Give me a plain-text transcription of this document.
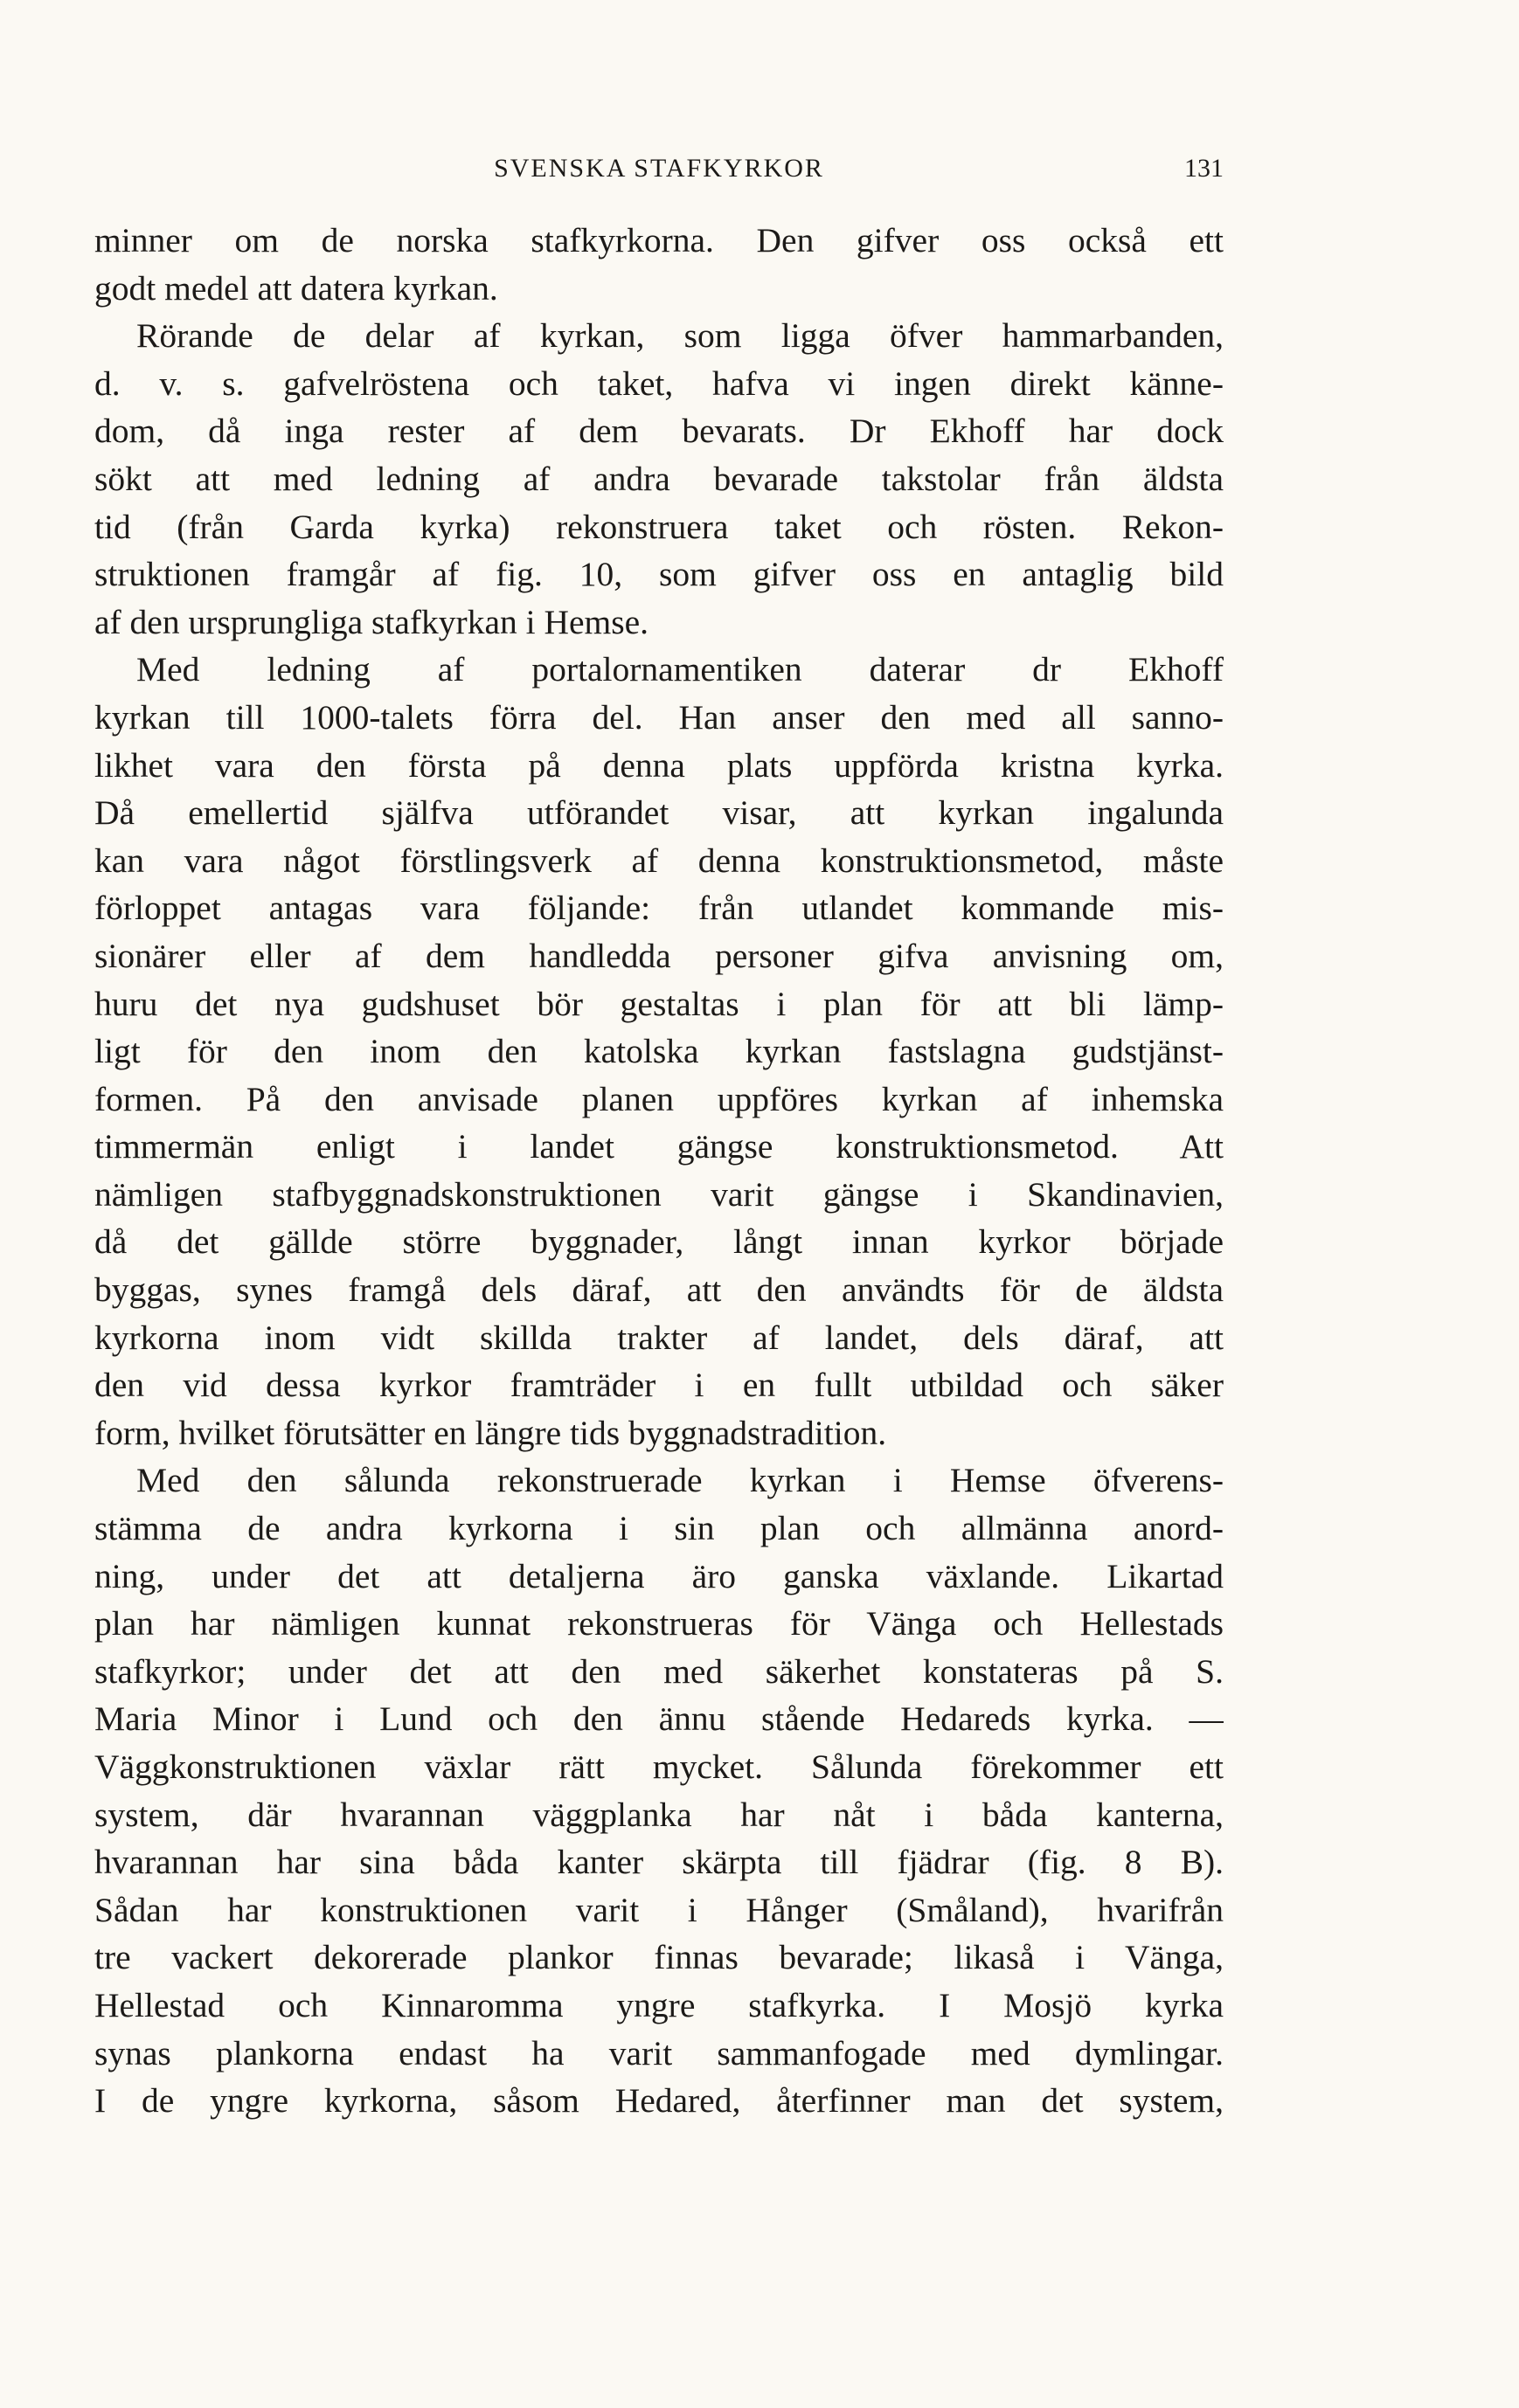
SVENSKA STAFKYRKOR	131
minner om de norska stafkyrkorna. Den gifver oss också ett
godt medel att datera kyrkan.
Rörande de delar af kyrkan, som ligga öfver hammarbanden,
d. v. s. gafvelröstena och taket, hafva vi ingen direkt känne-
dom, då inga rester af dem bevarats. Dr Ekhoff har dock
sökt att med ledning af andra bevarade takstolar från äldsta
tid (från Garda kyrka) rekonstruera taket och rösten. Rekon-
struktionen framgår af fig. 10, som gifver oss en antaglig bild
af den ursprungliga stafkyrkan i Hemse.
Med ledning af portalornamentiken daterar dr Ekhoff
kyrkan till 1000-talets förra del. Han anser den med all sanno-
likhet vara den första på denna plats uppförda kristna kyrka.
Då emellertid själfva utförandet visar, att kyrkan ingalunda
kan vara något förstlingsverk af denna konstruktionsmetod, måste
förloppet antagas vara följande: från utlandet kommande mis-
sionärer eller af dem handledda personer gifva anvisning om,
huru det nya gudshuset bör gestaltas i plan för att bli lämp-
ligt för den inom den katolska kyrkan fastslagna gudstjänst-
formen. På den anvisade planen uppföres kyrkan af inhemska
timmermän enligt i landet gängse konstruktionsmetod. Att
nämligen stafbyggnadskonstruktionen varit gängse i Skandinavien,
då det gällde större byggnader, långt innan kyrkor började
byggas, synes framgå dels däraf, att den användts för de äldsta
kyrkorna inom vidt skillda trakter af landet, dels däraf, att
den vid dessa kyrkor framträder i en fullt utbildad och säker
form, hvilket förutsätter en längre tids byggnadstradition.
Med den sålunda rekonstruerade kyrkan i Hemse öfverens-
stämma de andra kyrkorna i sin plan och allmänna anord-
ning, under det att detaljerna äro ganska växlande. Likartad
plan har nämligen kunnat rekonstrueras för Vänga och Hellestads
stafkyrkor; under det att den med säkerhet konstateras på S.
Maria Minor i Lund och den ännu stående Hedareds kyrka. —
Väggkonstruktionen växlar rätt mycket. Sålunda förekommer ett
system, där hvarannan väggplanka har nåt i båda kanterna,
hvarannan har sina båda kanter skärpta till fjädrar (fig. 8 B).
Sådan har konstruktionen varit i Hånger (Småland), hvarifrån
tre vackert dekorerade plankor finnas bevarade; likaså i Vänga,
Hellestad och Kinnaromma yngre stafkyrka. I Mosjö kyrka
synas plankorna endast ha varit sammanfogade med dymlingar.
I de yngre kyrkorna, såsom Hedared, återfinner man det system,
